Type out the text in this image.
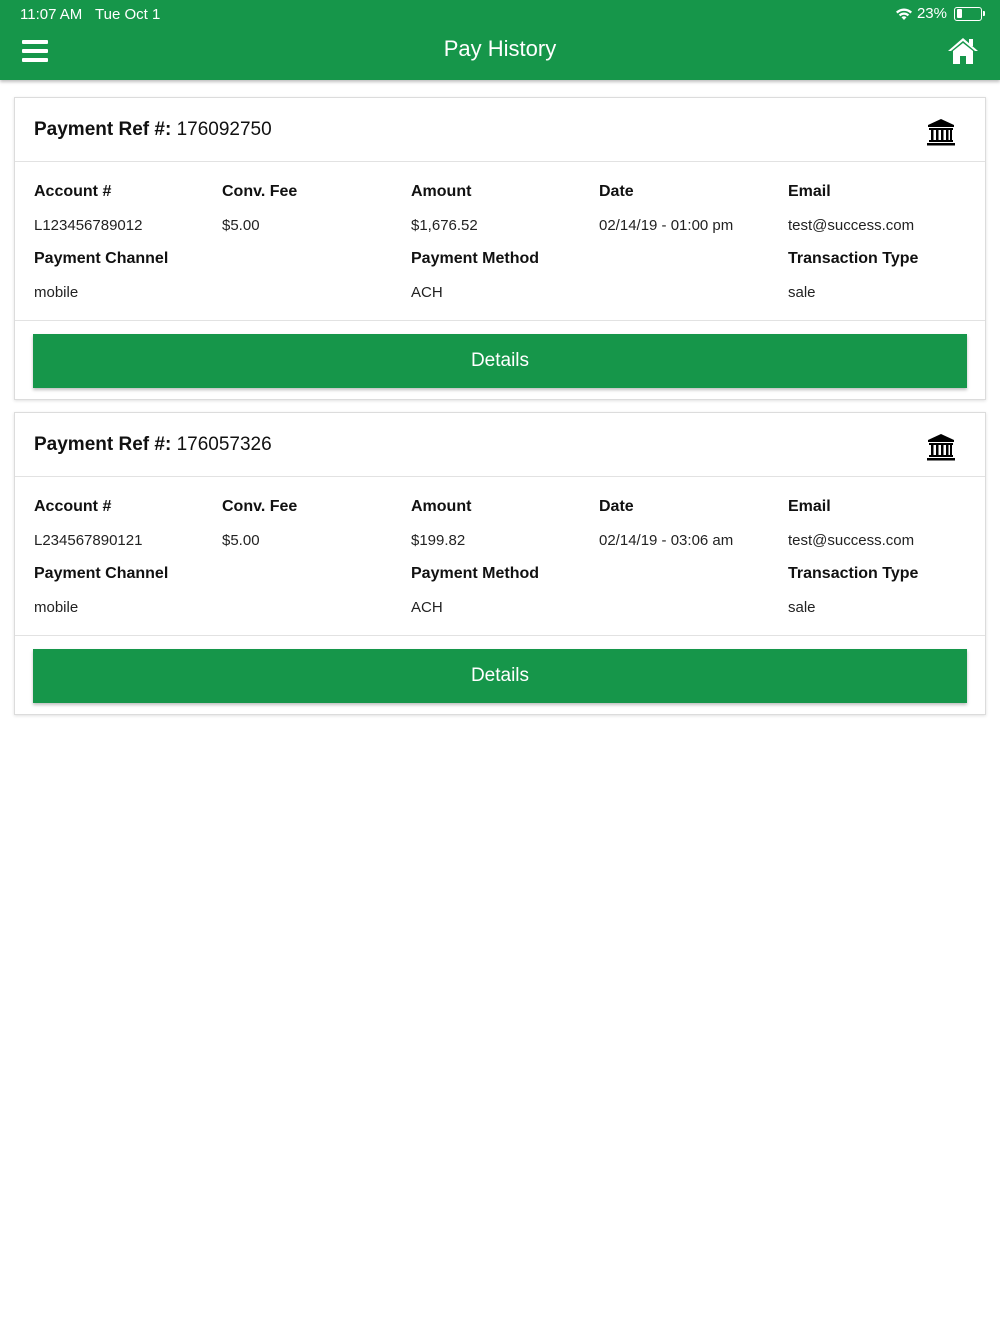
11:07 AM Tue Oct 1	23%
Pay History
Payment Ref #: 176092750
Account #
L123456789012
Conv. Fee
$5.00
Amount
$1,676.52
Date
02/14/19 - 01:00 pm
Email
test@success.com
Payment Channel
mobile
Payment Method
ACH
Transaction Type
sale
Details
Payment Ref #: 176057326
Account #
L234567890121
Conv. Fee
$5.00
Amount
$199.82
Date
02/14/19 - 03:06 am
Email
test@success.com
Payment Channel
mobile
Payment Method
ACH
Transaction Type
sale
Details
